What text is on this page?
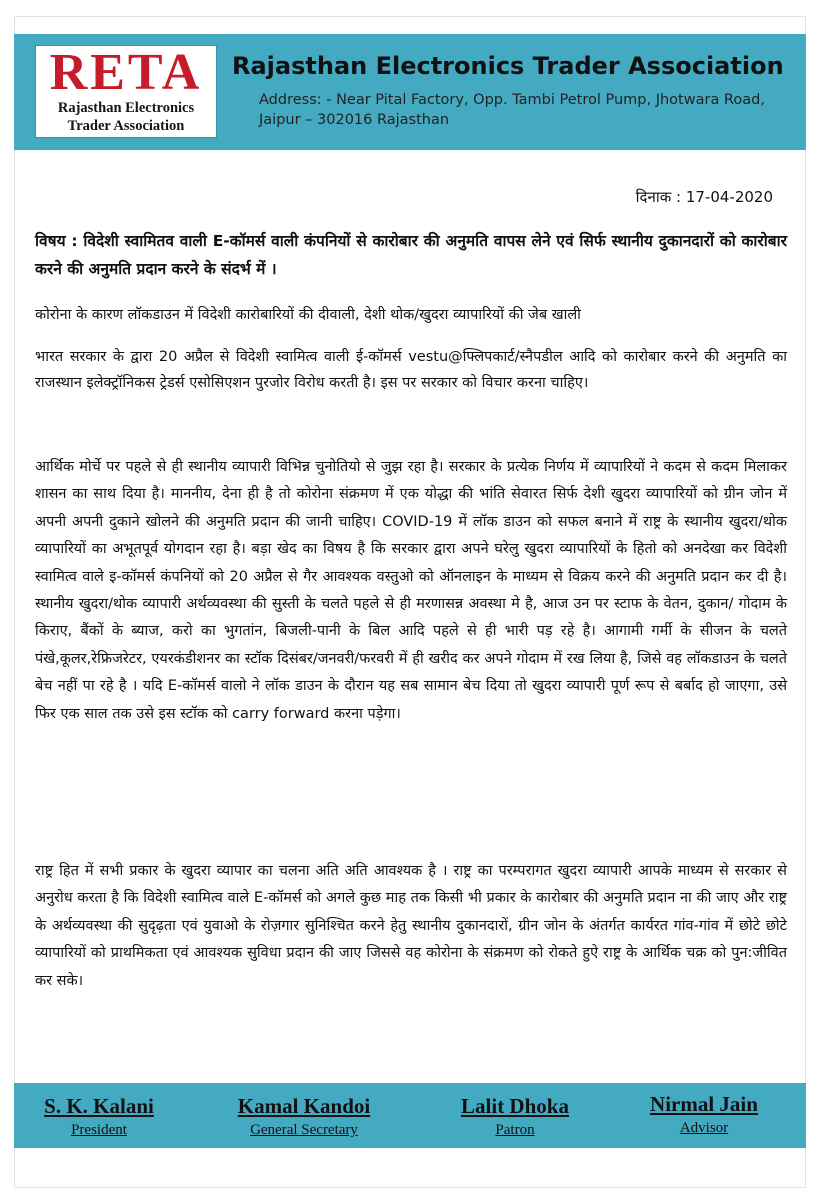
RETA
Rajasthan Electronics
Trader Association
Rajasthan Electronics Trader Association
Address: - Near Pital Factory, Opp. Tambi Petrol Pump, Jhotwara Road, Jaipur – 302016 Rajasthan
दिनाक : 17-04-2020
विषय : विदेशी स्वामितव वाली E-कॉमर्स वाली कंपनियों से कारोबार की अनुमति वापस लेने एवं सिर्फ स्थानीय दुकानदारों को कारोबार करने की अनुमति प्रदान करने के संदर्भ में ।

कोरोना के कारण लॉकडाउन में विदेशी कारोबारियों की दीवाली, देशी थोक/खुदरा व्यापारियों की जेब खाली

भारत सरकार के द्वारा 20 अप्रैल से विदेशी स्वामित्व वाली ई-कॉमर्स vestu@फ्लिपकार्ट/स्नैपडील आदि को कारोबार करने की अनुमति का राजस्थान इलेक्ट्रॉनिकस ट्रेडर्स एसोसिएशन पुरजोर विरोध करती है। इस पर सरकार को विचार करना चाहिए।

आर्थिक मोर्चे पर पहले से ही स्थानीय व्यापारी विभिन्न चुनोतियो से जुझ रहा है। सरकार के प्रत्येक निर्णय में व्यापारियों ने कदम से कदम मिलाकर शासन का साथ दिया है। माननीय, देना ही है तो कोरोना संक्रमण में एक योद्धा की भांति सेवारत सिर्फ देशी खुदरा व्यापारियों को ग्रीन जोन में अपनी अपनी दुकाने खोलने की अनुमति प्रदान की जानी चाहिए। COVID-19 में लॉक डाउन को सफल बनाने में राष्ट्र के स्थानीय खुदरा/थोक व्यापारियों का अभूतपूर्व योगदान रहा है। बड़ा खेद का विषय है कि सरकार द्वारा अपने घरेलु खुदरा व्यापारियों के हितो को अनदेखा कर विदेशी स्वामित्व वाले इ-कॉमर्स कंपनियों को 20 अप्रैल से गैर आवश्यक वस्तुओ को ऑनलाइन के माध्यम से विक्रय करने की अनुमति प्रदान कर दी है। स्थानीय खुदरा/थोक व्यापारी अर्थव्यवस्था की सुस्ती के चलते पहले से ही मरणासन्न अवस्था मे है, आज उन पर स्टाफ के वेतन, दुकान/ गोदाम के किराए, बैंकों के ब्याज, करो का भुगतांन, बिजली-पानी के बिल आदि पहले से ही भारी पड़ रहे है। आगामी गर्मी के सीजन के चलते पंखे,कूलर,रेफ्रिजरेटर, एयरकंडीशनर का स्टॉक दिसंबर/जनवरी/फरवरी में ही खरीद कर अपने गोदाम में रख लिया है, जिसे वह लॉकडाउन के चलते बेच नहीं पा रहे है । यदि E-कॉमर्स वालो ने लॉक डाउन के दौरान यह सब सामान बेच दिया तो खुदरा व्यापारी पूर्ण रूप से बर्बाद हो जाएगा, उसे फिर एक साल तक उसे इस स्टॉक को carry forward करना पड़ेगा।

राष्ट्र हित में सभी प्रकार के खुदरा व्यापार का चलना अति अति आवश्यक है । राष्ट्र का परम्परागत खुदरा व्यापारी आपके माध्यम से सरकार से अनुरोध करता है कि विदेशी स्वामित्व वाले E-कॉमर्स को अगले कुछ माह तक किसी भी प्रकार के कारोबार की अनुमति प्रदान ना की जाए और राष्ट्र के अर्थव्यवस्था की सुदृढ़ता एवं युवाओ के रोज़गार सुनिश्चित करने हेतु स्थानीय दुकानदारों, ग्रीन जोन के अंतर्गत कार्यरत गांव-गांव में छोटे छोटे व्यापारियों को प्राथमिकता एवं आवश्यक सुविधा प्रदान की जाए जिससे वह कोरोना के संक्रमण को रोकते हुऐ राष्ट्र के आर्थिक चक्र को पुन:जीवित कर सके।

S. K. Kalani
President
Kamal Kandoi
General Secretary
Lalit Dhoka
Patron
Nirmal Jain
Advisor
